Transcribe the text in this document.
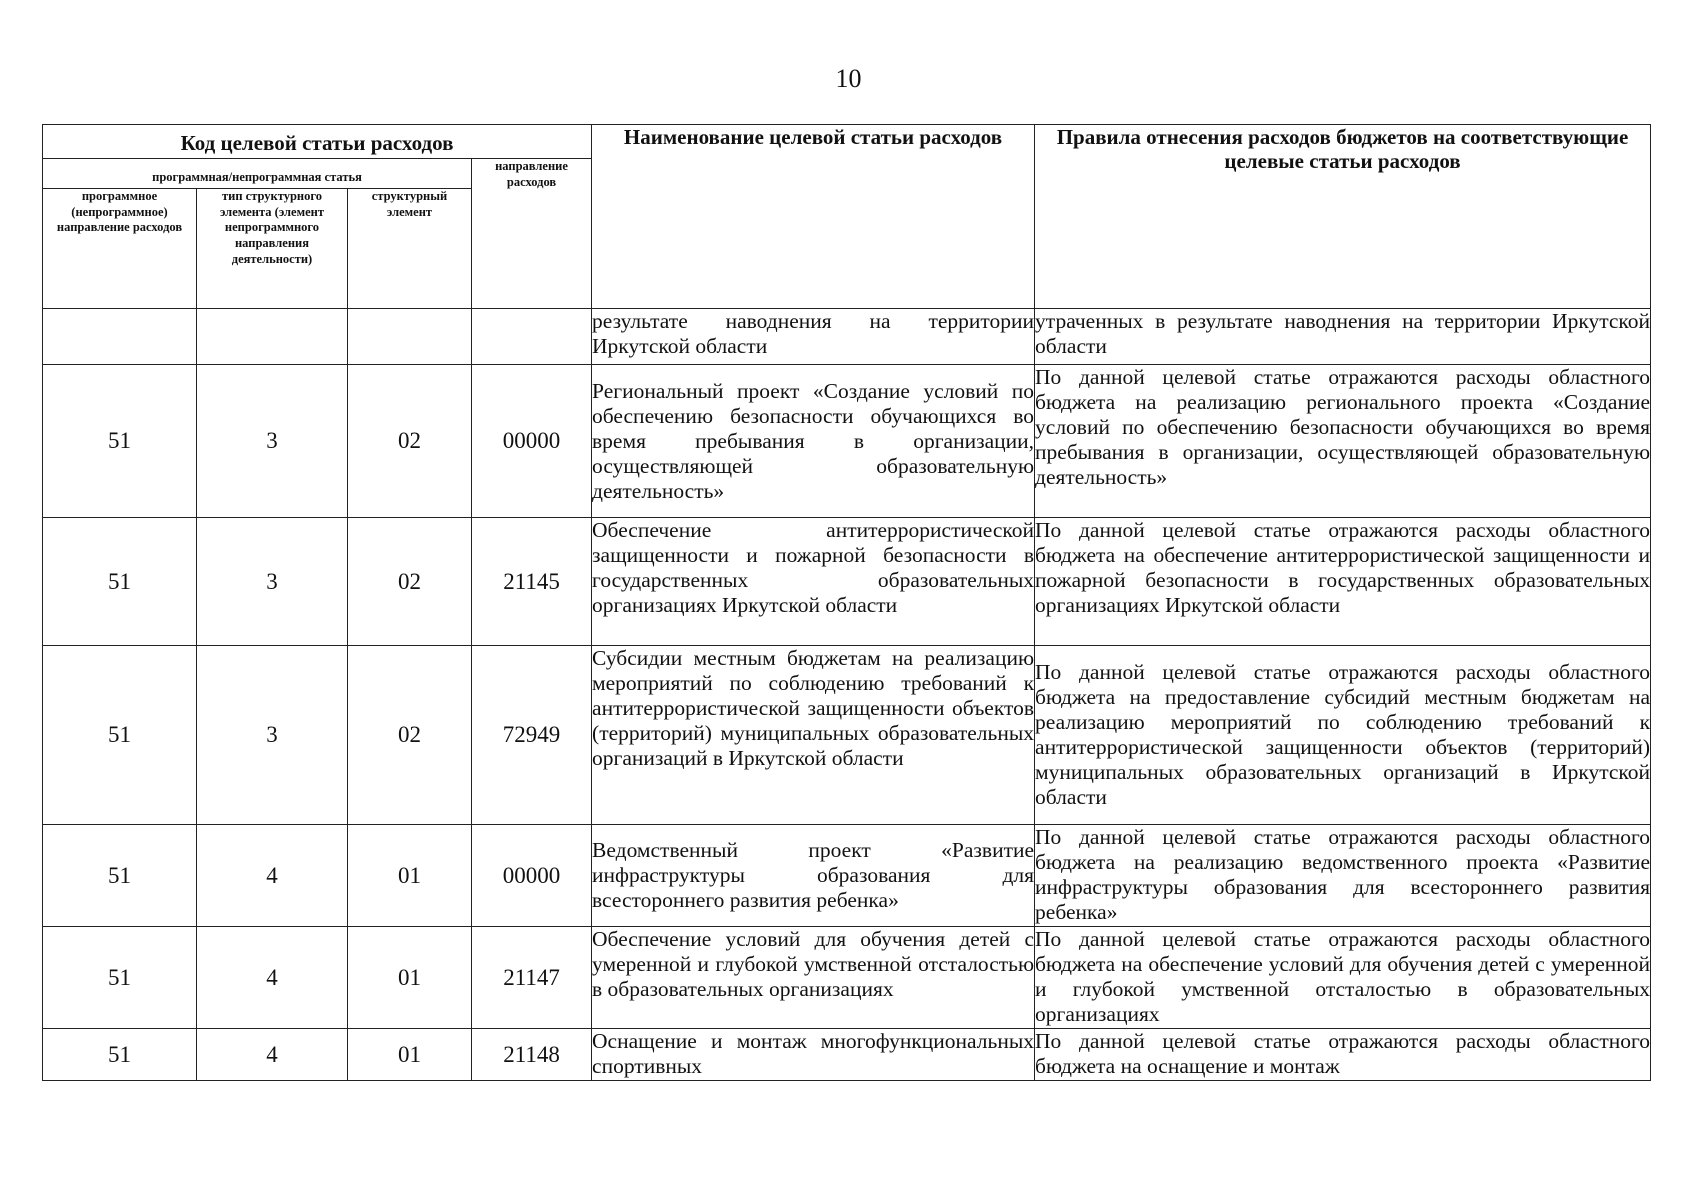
10
Код целевой статьи расходов				Наименование целевой статьи расходов	Правила отнесения расходов бюджетов на соответствующие целевые статьи расходов
программная/непрограммная статья			направление расходов		
программное (непрограммное) направление расходов	тип структурного элемента (элемент непрограммного направления деятельности)	структурный элемент			
				результате наводнения на территории Иркутской области	утраченных в результате наводнения на территории Иркутской области
51	3	02	00000	Региональный проект «Создание условий по обеспечению безопасности обучающихся во время пребывания в организации, осуществляющей образовательную деятельность»	По данной целевой статье отражаются расходы областного бюджета на реализацию регионального проекта «Создание условий по обеспечению безопасности обучающихся во время пребывания в организации, осуществляющей образовательную деятельность»
51	3	02	21145	Обеспечение антитеррористической защищенности и пожарной безопасности в государственных образовательных организациях Иркутской области	По данной целевой статье отражаются расходы областного бюджета на обеспечение антитеррористической защищенности и пожарной безопасности в государственных образовательных организациях Иркутской области
51	3	02	72949	Субсидии местным бюджетам на реализацию мероприятий по соблюдению требований к антитеррористической защищенности объектов (территорий) муниципальных образовательных организаций в Иркутской области	По данной целевой статье отражаются расходы областного бюджета на предоставление субсидий местным бюджетам на реализацию мероприятий по соблюдению требований к антитеррористической защищенности объектов (территорий) муниципальных образовательных организаций в Иркутской области
51	4	01	00000	Ведомственный проект «Развитие инфраструктуры образования для всестороннего развития ребенка»	По данной целевой статье отражаются расходы областного бюджета на реализацию ведомственного проекта «Развитие инфраструктуры образования для всестороннего развития ребенка»
51	4	01	21147	Обеспечение условий для обучения детей с умеренной и глубокой умственной отсталостью в образовательных организациях	По данной целевой статье отражаются расходы областного бюджета на обеспечение условий для обучения детей с умеренной и глубокой умственной отсталостью в образовательных организациях
51	4	01	21148	Оснащение и монтаж многофункциональных спортивных	По данной целевой статье отражаются расходы областного бюджета на оснащение и монтаж
